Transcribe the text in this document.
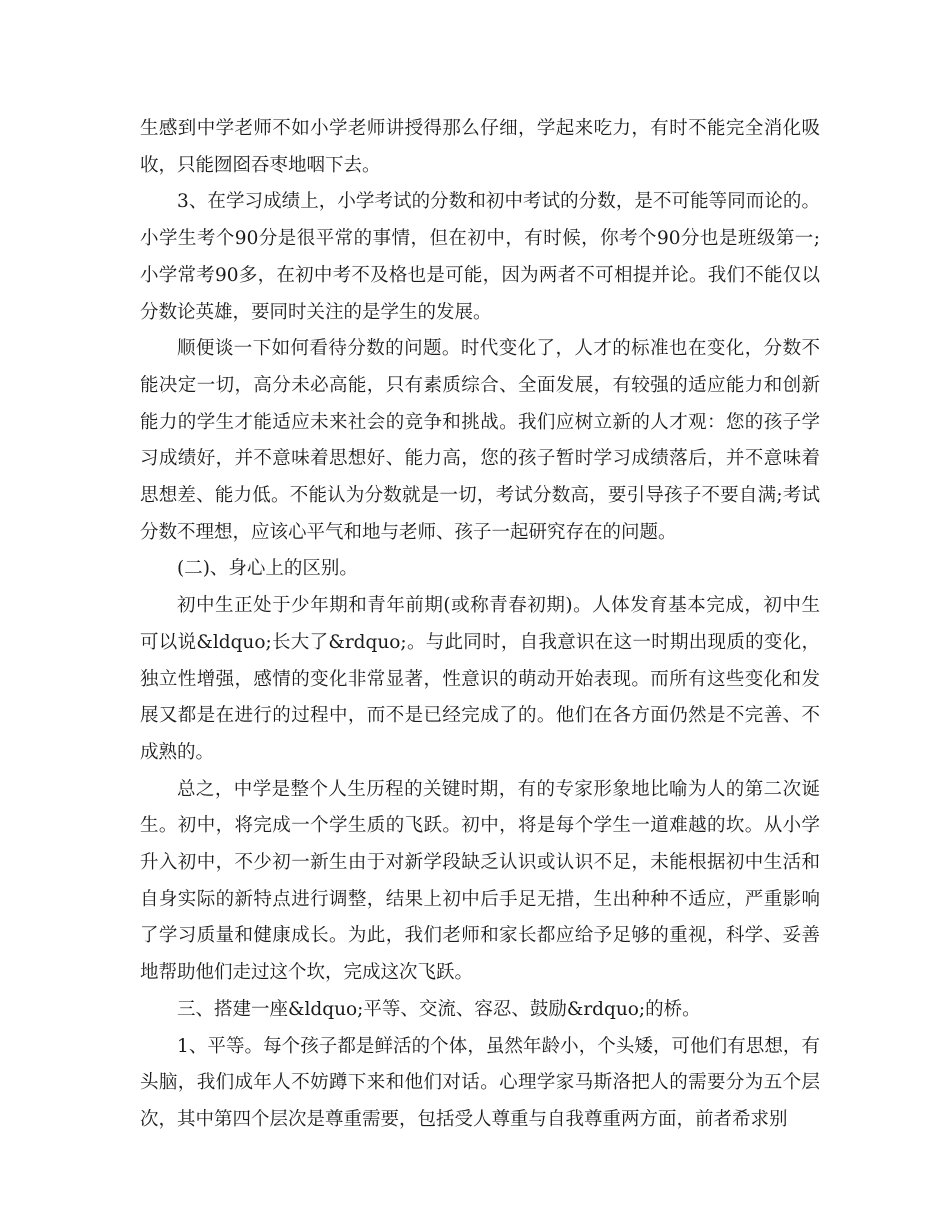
生感到中学老师不如小学老师讲授得那么仔细，学起来吃力，有时不能完全消化吸收，只能囫囵吞枣地咽下去。

3、在学习成绩上，小学考试的分数和初中考试的分数，是不可能等同而论的。小学生考个90分是很平常的事情，但在初中，有时候，你考个90分也是班级第一;小学常考90多，在初中考不及格也是可能，因为两者不可相提并论。我们不能仅以分数论英雄，要同时关注的是学生的发展。

顺便谈一下如何看待分数的问题。时代变化了，人才的标准也在变化，分数不能决定一切，高分未必高能，只有素质综合、全面发展，有较强的适应能力和创新能力的学生才能适应未来社会的竞争和挑战。我们应树立新的人才观：您的孩子学习成绩好，并不意味着思想好、能力高，您的孩子暂时学习成绩落后，并不意味着思想差、能力低。不能认为分数就是一切，考试分数高，要引导孩子不要自满;考试分数不理想，应该心平气和地与老师、孩子一起研究存在的问题。

(二)、身心上的区别。

初中生正处于少年期和青年前期(或称青春初期)。人体发育基本完成，初中生可以说&ldquo;长大了&rdquo;。与此同时，自我意识在这一时期出现质的变化，独立性增强，感情的变化非常显著，性意识的萌动开始表现。而所有这些变化和发展又都是在进行的过程中，而不是已经完成了的。他们在各方面仍然是不完善、不成熟的。

总之，中学是整个人生历程的关键时期，有的专家形象地比喻为人的第二次诞生。初中，将完成一个学生质的飞跃。初中，将是每个学生一道难越的坎。从小学升入初中，不少初一新生由于对新学段缺乏认识或认识不足，未能根据初中生活和自身实际的新特点进行调整，结果上初中后手足无措，生出种种不适应，严重影响了学习质量和健康成长。为此，我们老师和家长都应给予足够的重视，科学、妥善地帮助他们走过这个坎，完成这次飞跃。

三、搭建一座&ldquo;平等、交流、容忍、鼓励&rdquo;的桥。

1、平等。每个孩子都是鲜活的个体，虽然年龄小，个头矮，可他们有思想，有头脑，我们成年人不妨蹲下来和他们对话。心理学家马斯洛把人的需要分为五个层次，其中第四个层次是尊重需要，包括受人尊重与自我尊重两方面，前者希求别
